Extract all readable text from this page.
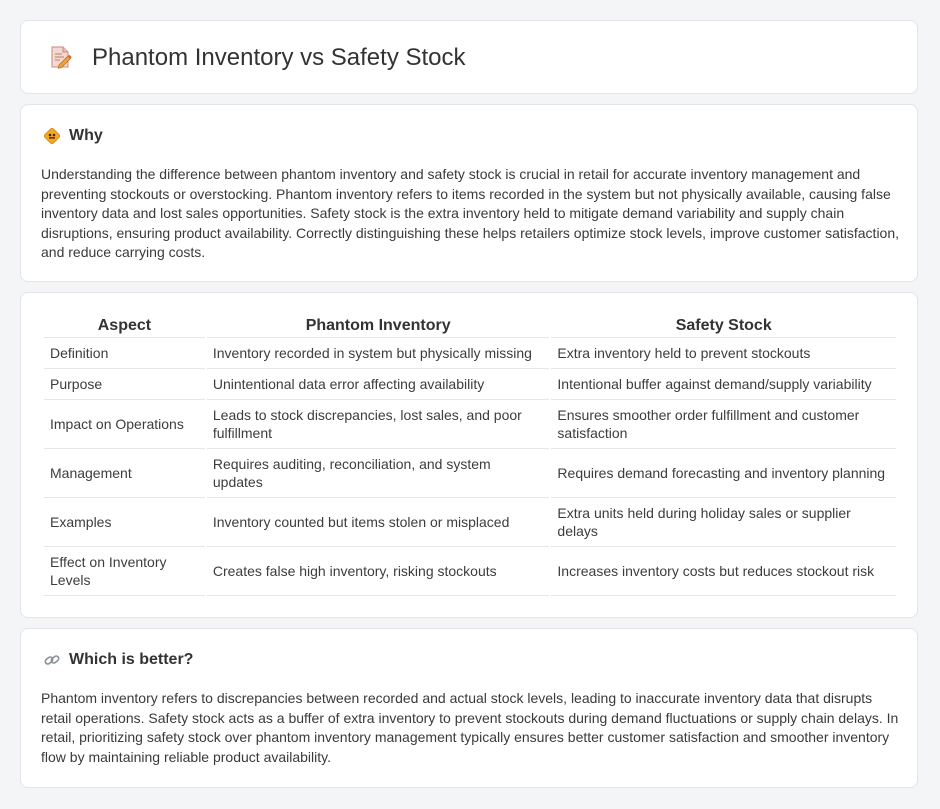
Phantom Inventory vs Safety Stock
Why

Understanding the difference between phantom inventory and safety stock is crucial in retail for accurate inventory management and preventing stockouts or overstocking. Phantom inventory refers to items recorded in the system but not physically available, causing false inventory data and lost sales opportunities. Safety stock is the extra inventory held to mitigate demand variability and supply chain disruptions, ensuring product availability. Correctly distinguishing these helps retailers optimize stock levels, improve customer satisfaction, and reduce carrying costs.

Aspect	Phantom Inventory	Safety Stock
Definition	Inventory recorded in system but physically missing	Extra inventory held to prevent stockouts
Purpose	Unintentional data error affecting availability	Intentional buffer against demand/supply variability
Impact on Operations	Leads to stock discrepancies, lost sales, and poor fulfillment	Ensures smoother order fulfillment and customer satisfaction
Management	Requires auditing, reconciliation, and system updates	Requires demand forecasting and inventory planning
Examples	Inventory counted but items stolen or misplaced	Extra units held during holiday sales or supplier delays
Effect on Inventory Levels	Creates false high inventory, risking stockouts	Increases inventory costs but reduces stockout risk
Which is better?

Phantom inventory refers to discrepancies between recorded and actual stock levels, leading to inaccurate inventory data that disrupts retail operations. Safety stock acts as a buffer of extra inventory to prevent stockouts during demand fluctuations or supply chain delays. In retail, prioritizing safety stock over phantom inventory management typically ensures better customer satisfaction and smoother inventory flow by maintaining reliable product availability.
